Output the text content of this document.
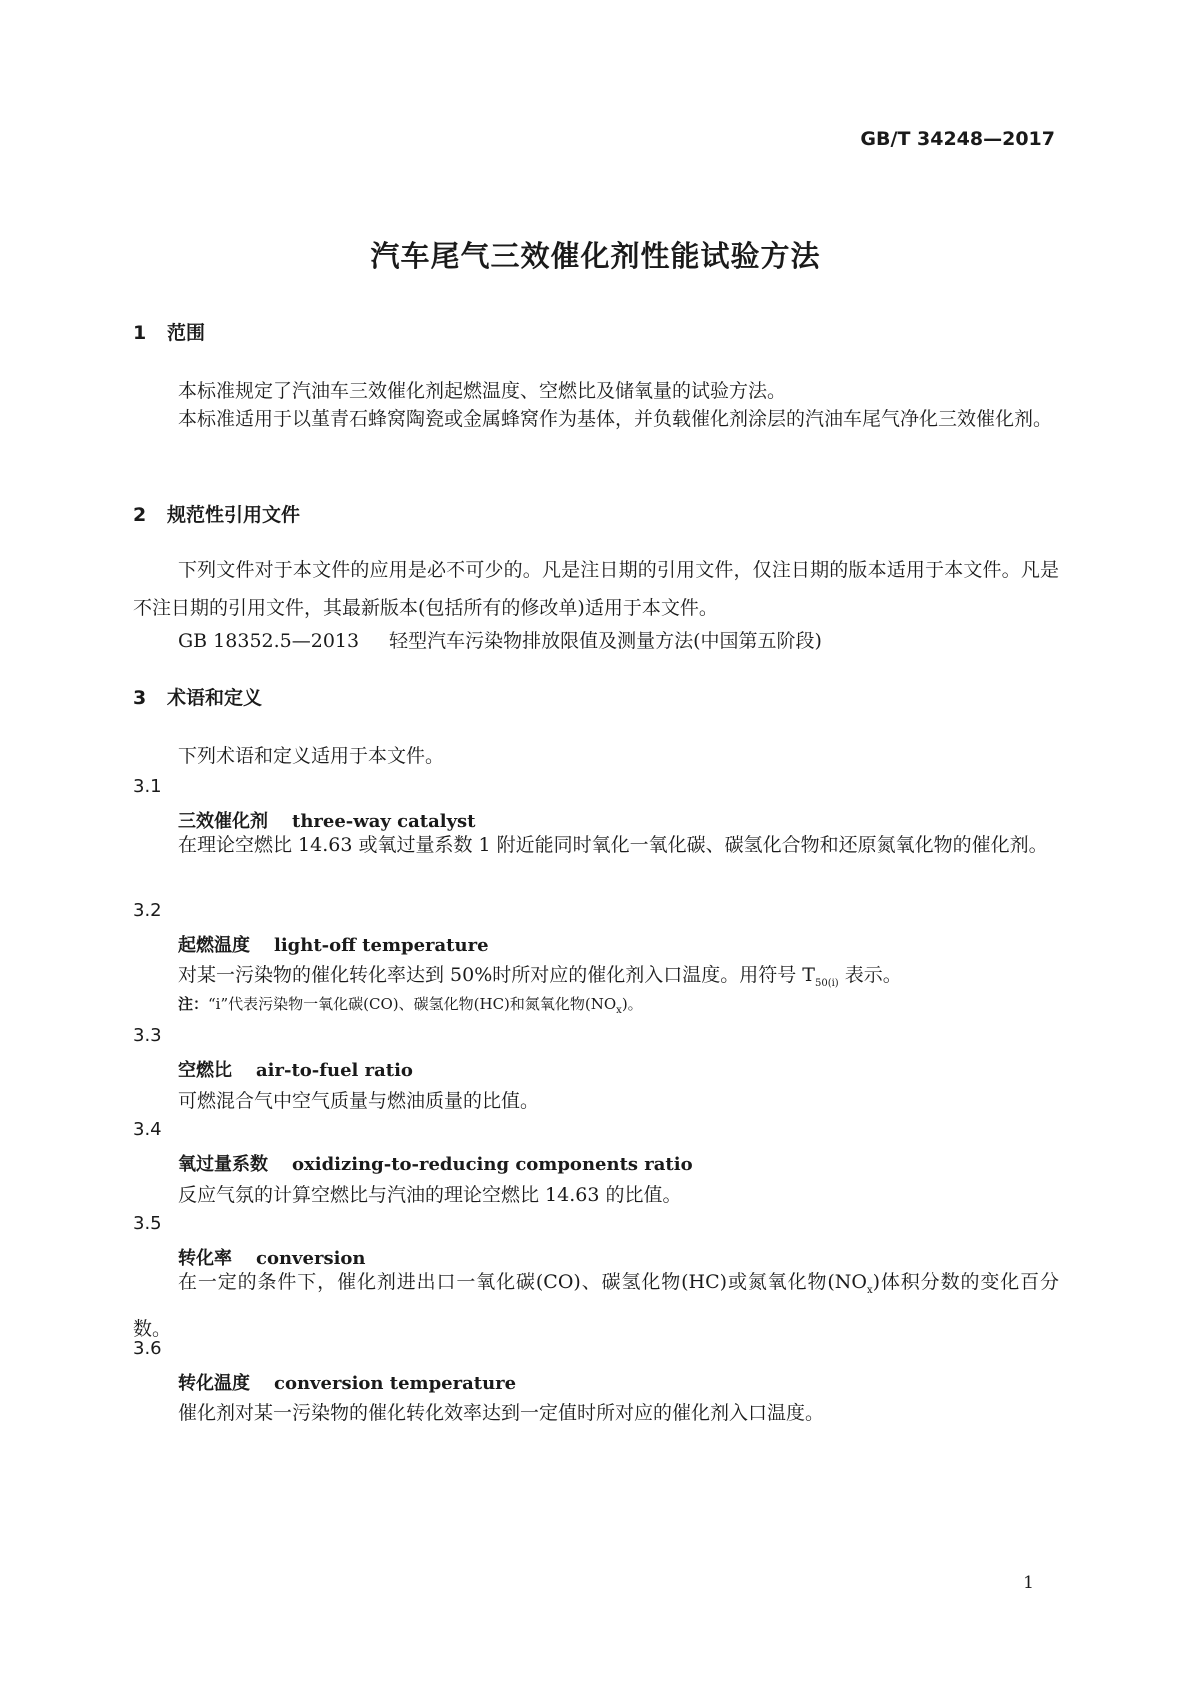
GB/T 34248—2017
汽车尾气三效催化剂性能试验方法
1 范围
本标准规定了汽油车三效催化剂起燃温度、空燃比及储氧量的试验方法。
本标准适用于以堇青石蜂窝陶瓷或金属蜂窝作为基体，并负载催化剂涂层的汽油车尾气净化三效催化剂。
2 规范性引用文件
下列文件对于本文件的应用是必不可少的。凡是注日期的引用文件，仅注日期的版本适用于本文件。凡是不注日期的引用文件，其最新版本(包括所有的修改单)适用于本文件。
GB 18352.5—2013 轻型汽车污染物排放限值及测量方法(中国第五阶段)
3 术语和定义
下列术语和定义适用于本文件。
3.1
三效催化剂 three-way catalyst
在理论空燃比 14.63 或氧过量系数 1 附近能同时氧化一氧化碳、碳氢化合物和还原氮氧化物的催化剂。
3.2
起燃温度 light-off temperature
对某一污染物的催化转化率达到 50%时所对应的催化剂入口温度。用符号 $T_{50(i)}$ 表示。
注：“i”代表污染物一氧化碳(CO)、碳氢化物(HC)和氮氧化物$(NO_x)$。
3.3
空燃比 air-to-fuel ratio
可燃混合气中空气质量与燃油质量的比值。
3.4
氧过量系数 oxidizing-to-reducing components ratio
反应气氛的计算空燃比与汽油的理论空燃比 14.63 的比值。
3.5
转化率 conversion
在一定的条件下，催化剂进出口一氧化碳(CO)、碳氢化物(HC)或氮氧化物$(NO_x)$体积分数的变化百分数。
3.6
转化温度 conversion temperature
催化剂对某一污染物的催化转化效率达到一定值时所对应的催化剂入口温度。
1
